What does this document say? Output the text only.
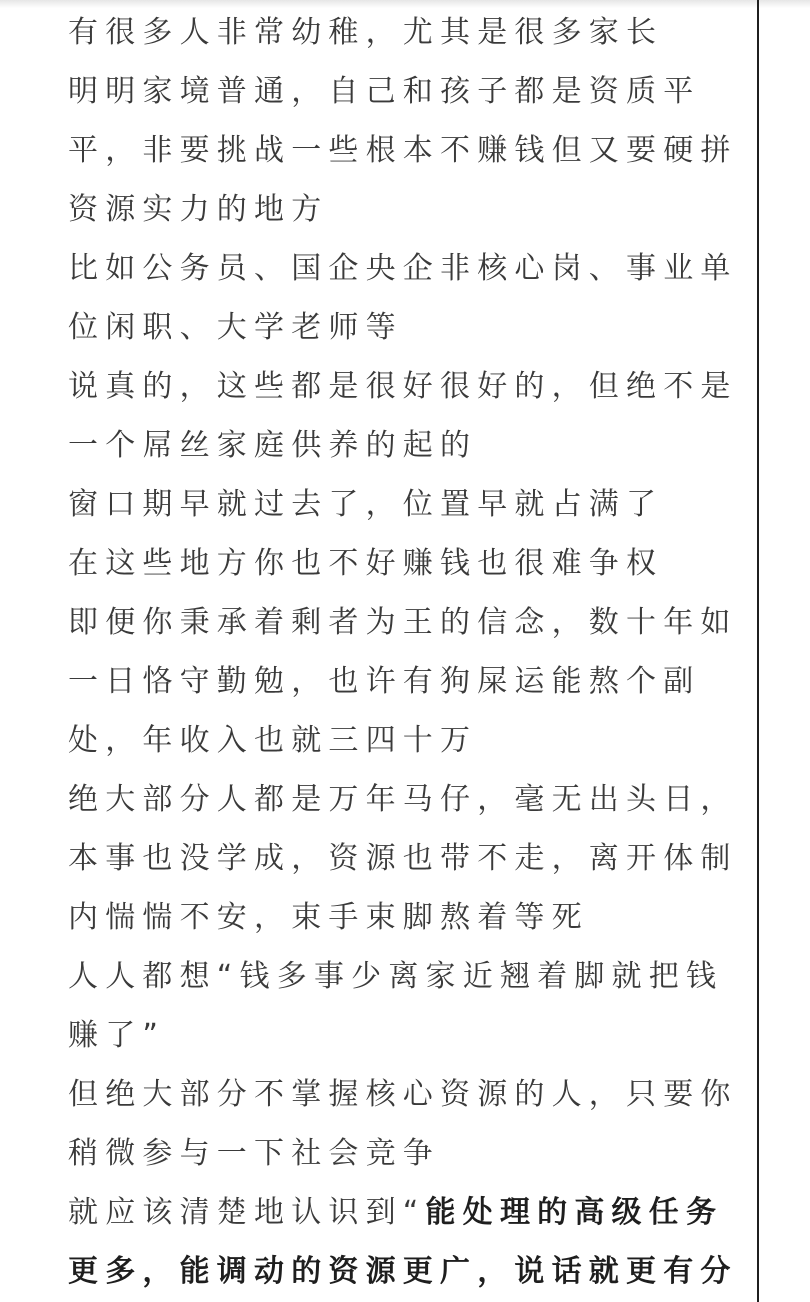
有很多人非常幼稚，尤其是很多家长
明明家境普通，自己和孩子都是资质平
平，非要挑战一些根本不赚钱但又要硬拼
资源实力的地方
比如公务员、国企央企非核心岗、事业单
位闲职、大学老师等
说真的，这些都是很好很好的，但绝不是
一个屌丝家庭供养的起的
窗口期早就过去了，位置早就占满了
在这些地方你也不好赚钱也很难争权
即便你秉承着剩者为王的信念，数十年如
一日恪守勤勉，也许有狗屎运能熬个副
处，年收入也就三四十万
绝大部分人都是万年马仔，毫无出头日，
本事也没学成，资源也带不走，离开体制
内惴惴不安，束手束脚熬着等死
人人都想“钱多事少离家近翘着脚就把钱
赚了”
但绝大部分不掌握核心资源的人，只要你
稍微参与一下社会竞争
就应该清楚地认识到“能处理的高级任务
更多，能调动的资源更广，说话就更有分
